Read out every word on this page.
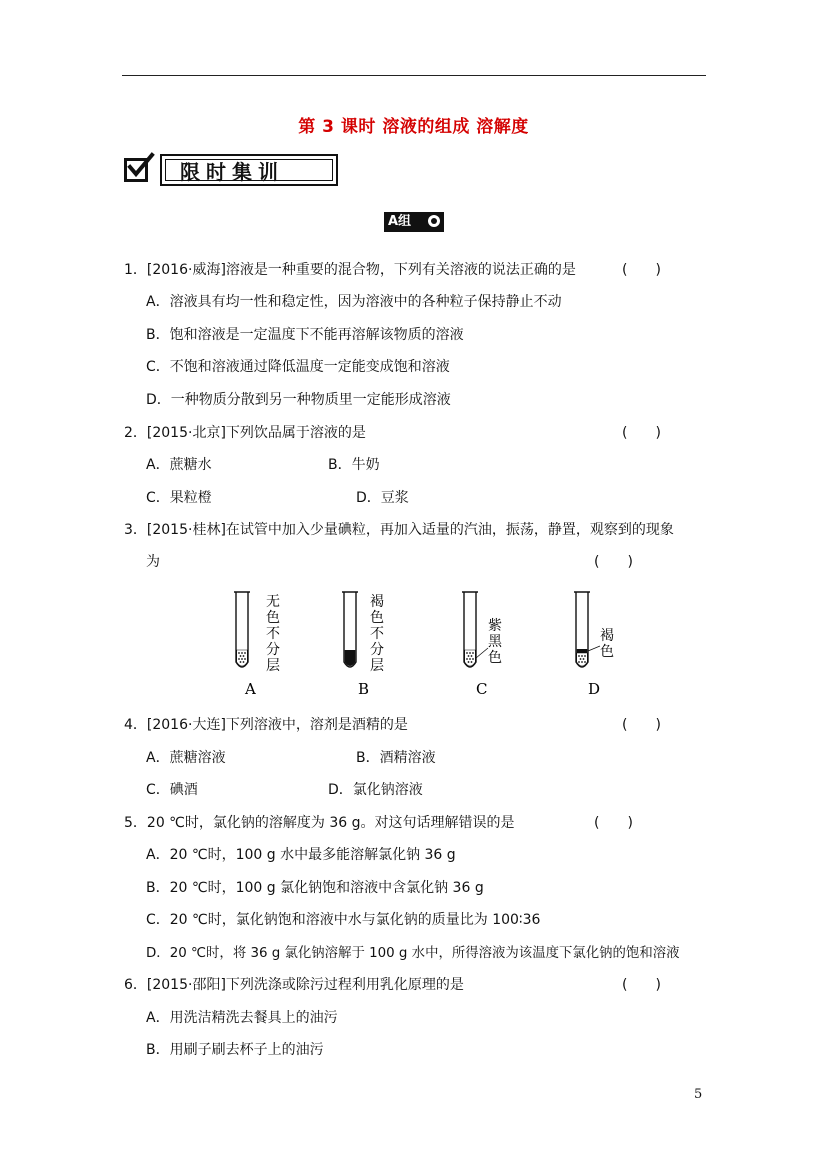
第 3 课时 溶液的组成 溶解度
限时集训
A组
1．[2016·威海]溶液是一种重要的混合物，下列有关溶液的说法正确的是	(　　)
A．溶液具有均一性和稳定性，因为溶液中的各种粒子保持静止不动
B．饱和溶液是一定温度下不能再溶解该物质的溶液
C．不饱和溶液通过降低温度一定能变成饱和溶液
D．一种物质分散到另一种物质里一定能形成溶液
2．[2015·北京]下列饮品属于溶液的是	(　　)
A．蔗糖水	B．牛奶
C．果粒橙	D．豆浆
3．[2015·桂林]在试管中加入少量碘粒，再加入适量的汽油，振荡，静置，观察到的现象
为	(　　)
无
色
不
分
层
A
褐
色
不
分
层
B
紫
黑
色
C
褐
色
D
4．[2016·大连]下列溶液中，溶剂是酒精的是	(　　)
A．蔗糖溶液	B．酒精溶液
C．碘酒	D．氯化钠溶液
5．20 ℃时，氯化钠的溶解度为 36 g。对这句话理解错误的是	(　　)
A．20 ℃时，100 g 水中最多能溶解氯化钠 36 g
B．20 ℃时，100 g 氯化钠饱和溶液中含氯化钠 36 g
C．20 ℃时，氯化钠饱和溶液中水与氯化钠的质量比为 100∶36
D．20 ℃时，将 36 g 氯化钠溶解于 100 g 水中，所得溶液为该温度下氯化钠的饱和溶液
6．[2015·邵阳]下列洗涤或除污过程利用乳化原理的是	(　　)
A．用洗洁精洗去餐具上的油污
B．用刷子刷去杯子上的油污
5
